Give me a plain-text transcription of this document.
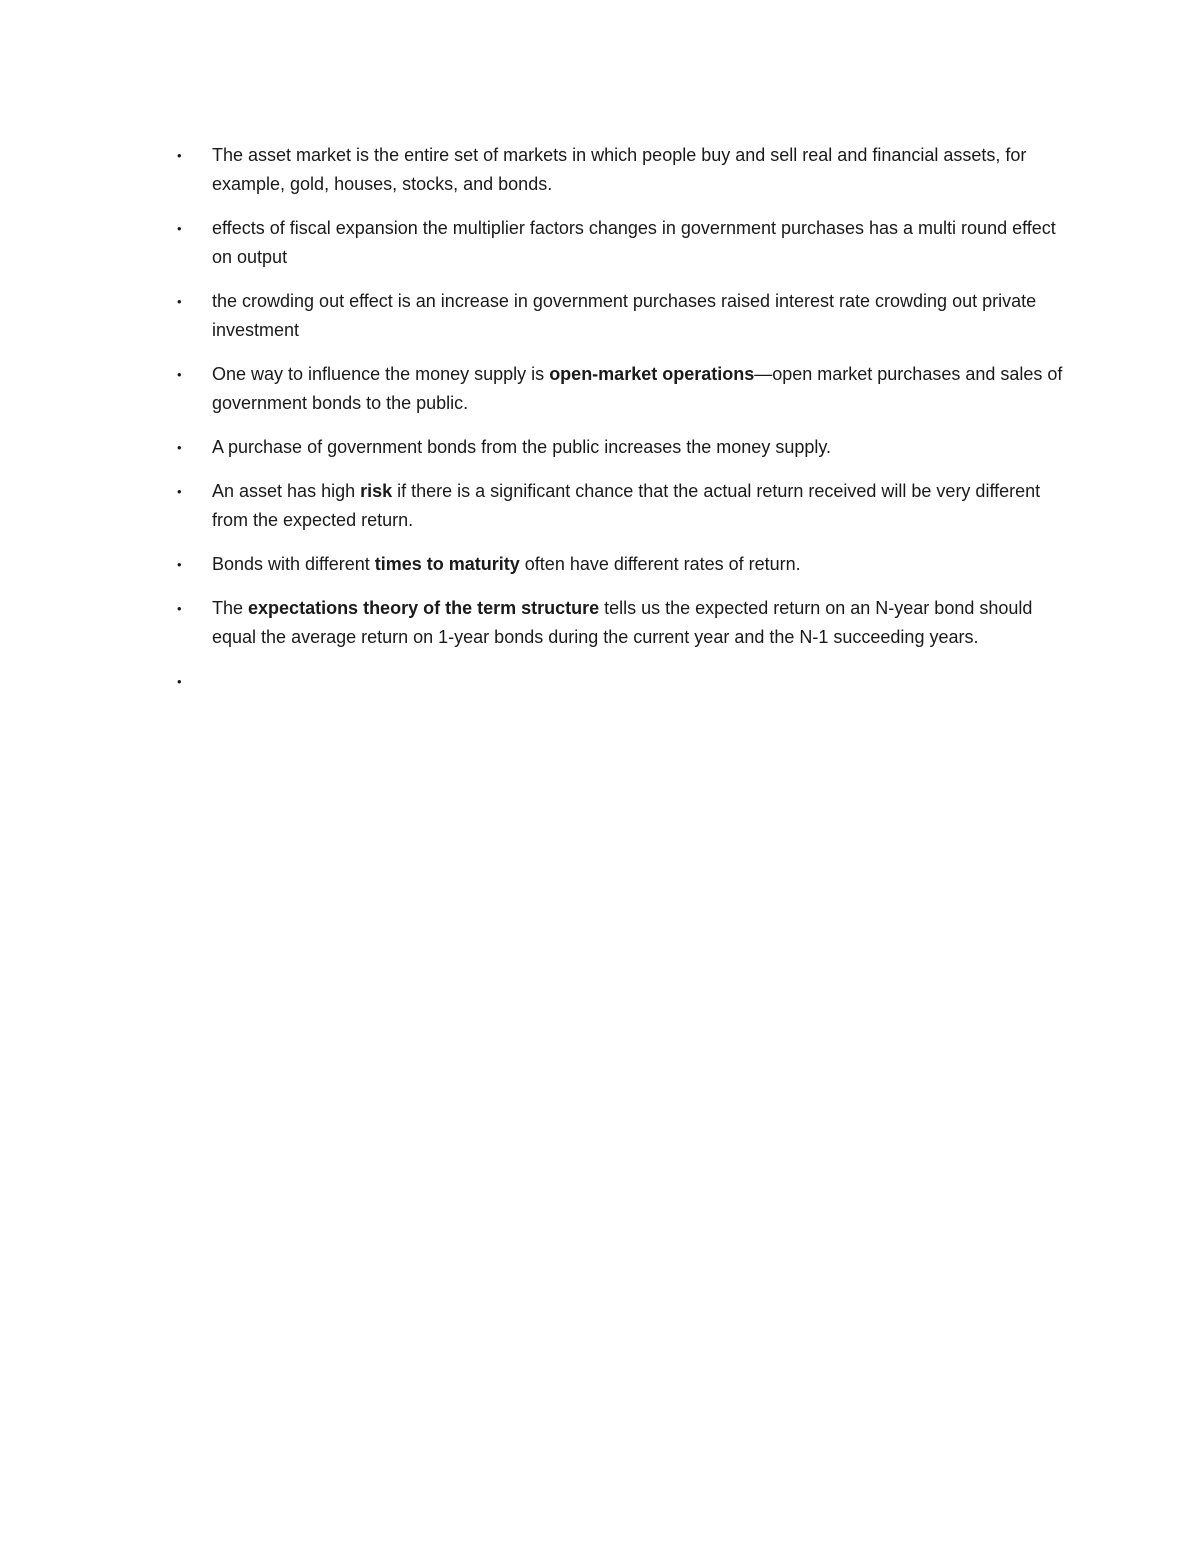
• The asset market is the entire set of markets in which people buy and sell real and financial assets, for example, gold, houses, stocks, and bonds.
• effects of fiscal expansion the multiplier factors changes in government purchases has a multi round effect on output
• the crowding out effect is an increase in government purchases raised interest rate crowding out private investment
• One way to influence the money supply is open-market operations—open market purchases and sales of government bonds to the public.
• A purchase of government bonds from the public increases the money supply.
• An asset has high risk if there is a significant chance that the actual return received will be very different from the expected return.
• Bonds with different times to maturity often have different rates of return.
• The expectations theory of the term structure tells us the expected return on an N-year bond should equal the average return on 1-year bonds during the current year and the N-1 succeeding years.
•
